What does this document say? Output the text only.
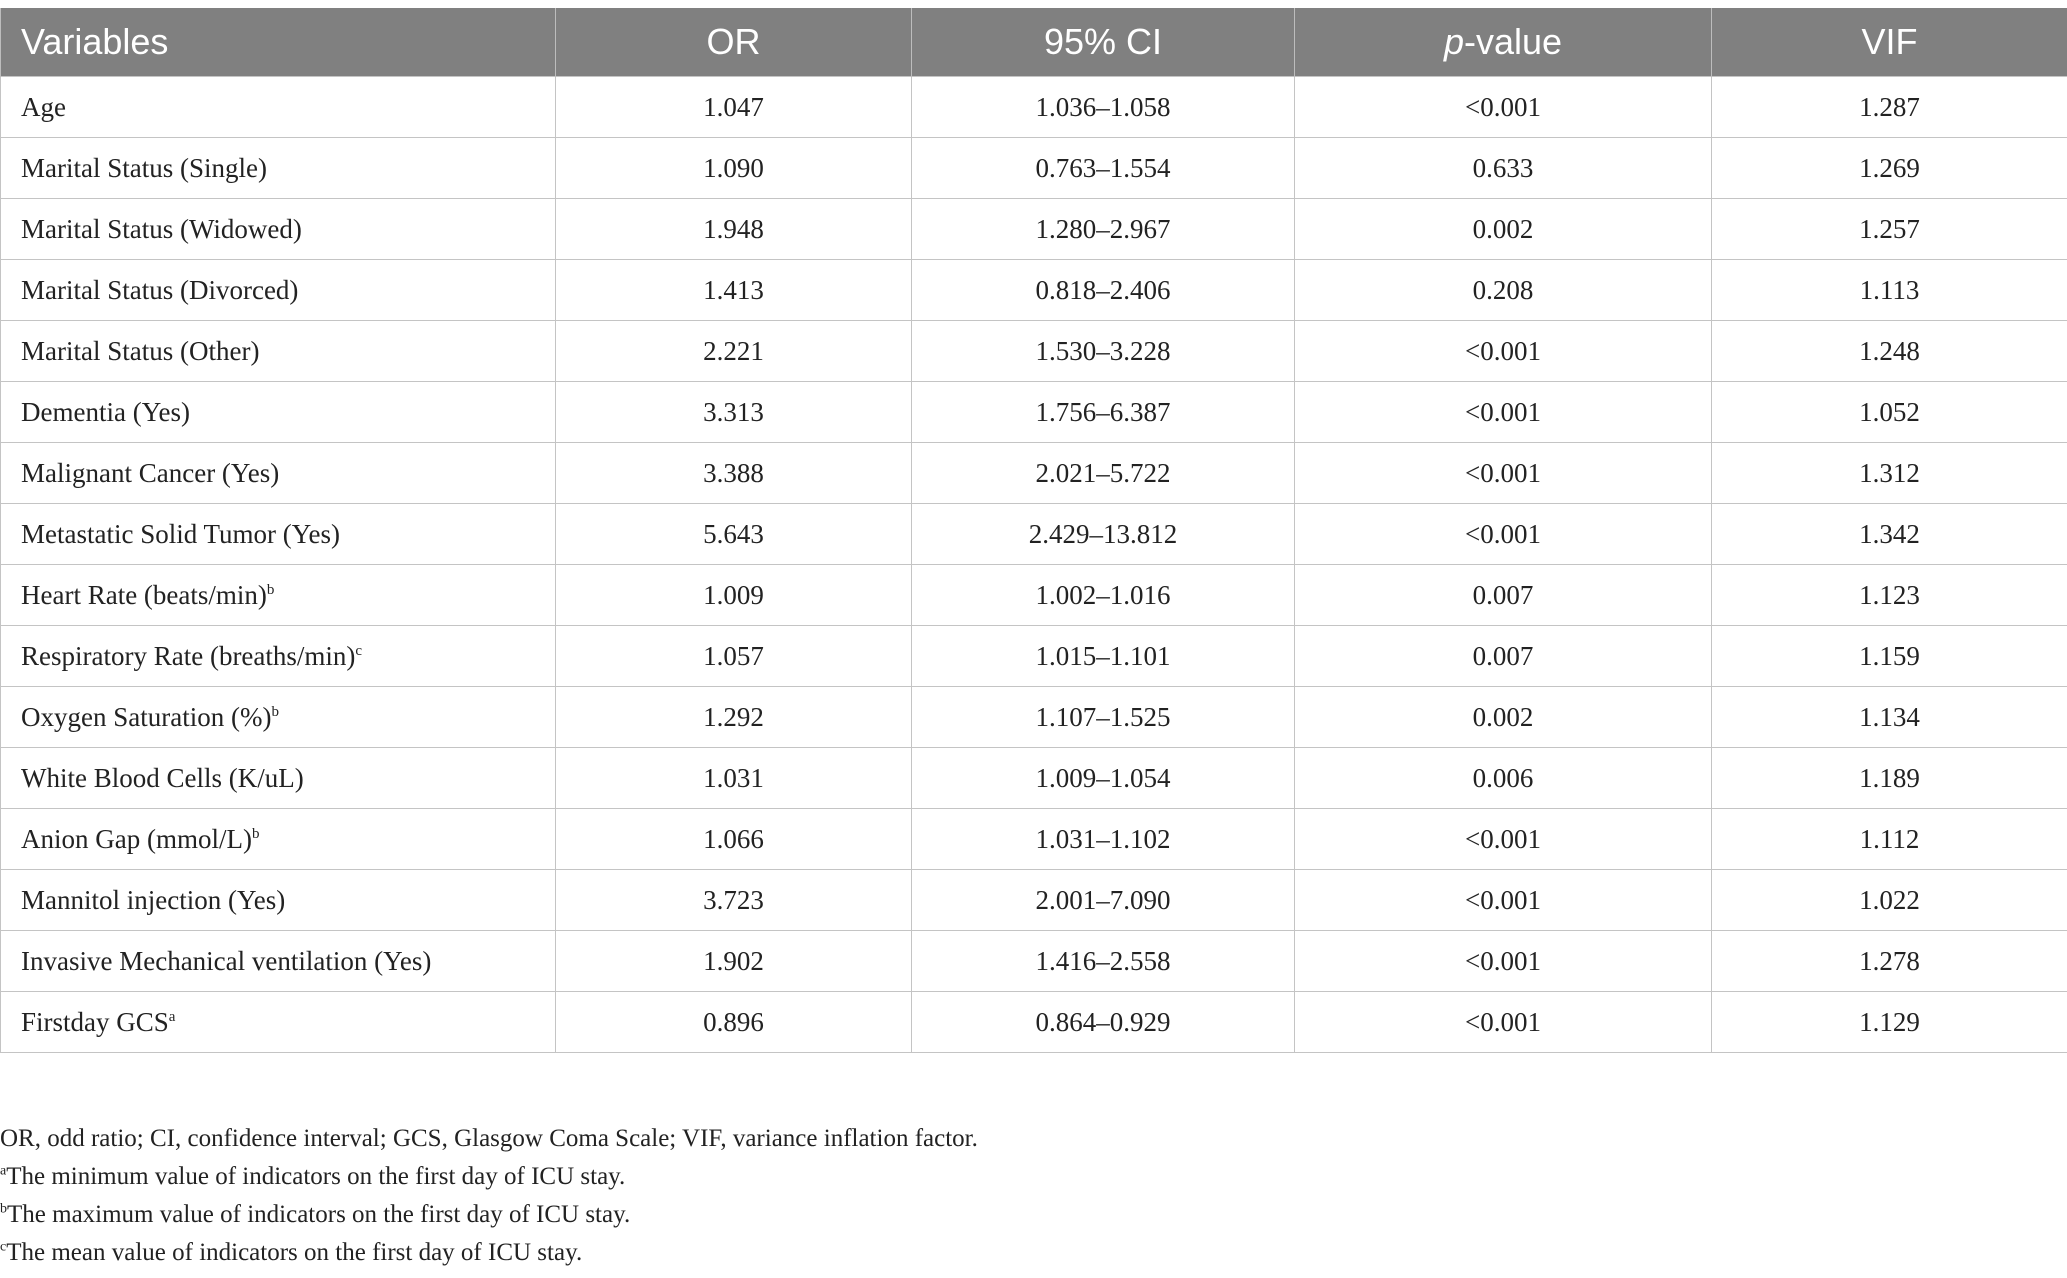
Variables	OR	95% CI	p-value	VIF
Age	1.047	1.036–1.058	<0.001	1.287
Marital Status (Single)	1.090	0.763–1.554	0.633	1.269
Marital Status (Widowed)	1.948	1.280–2.967	0.002	1.257
Marital Status (Divorced)	1.413	0.818–2.406	0.208	1.113
Marital Status (Other)	2.221	1.530–3.228	<0.001	1.248
Dementia (Yes)	3.313	1.756–6.387	<0.001	1.052
Malignant Cancer (Yes)	3.388	2.021–5.722	<0.001	1.312
Metastatic Solid Tumor (Yes)	5.643	2.429–13.812	<0.001	1.342
Heart Rate (beats/min)$^b$	1.009	1.002–1.016	0.007	1.123
Respiratory Rate (breaths/min)$^c$	1.057	1.015–1.101	0.007	1.159
Oxygen Saturation (%)$^b$	1.292	1.107–1.525	0.002	1.134
White Blood Cells (K/uL)	1.031	1.009–1.054	0.006	1.189
Anion Gap (mmol/L)$^b$	1.066	1.031–1.102	<0.001	1.112
Mannitol injection (Yes)	3.723	2.001–7.090	<0.001	1.022
Invasive Mechanical ventilation (Yes)	1.902	1.416–2.558	<0.001	1.278
Firstday GCS$^a$	0.896	0.864–0.929	<0.001	1.129
OR, odd ratio; CI, confidence interval; GCS, Glasgow Coma Scale; VIF, variance inflation factor.
$^a$The minimum value of indicators on the first day of ICU stay.
$^b$The maximum value of indicators on the first day of ICU stay.
$^c$The mean value of indicators on the first day of ICU stay.
